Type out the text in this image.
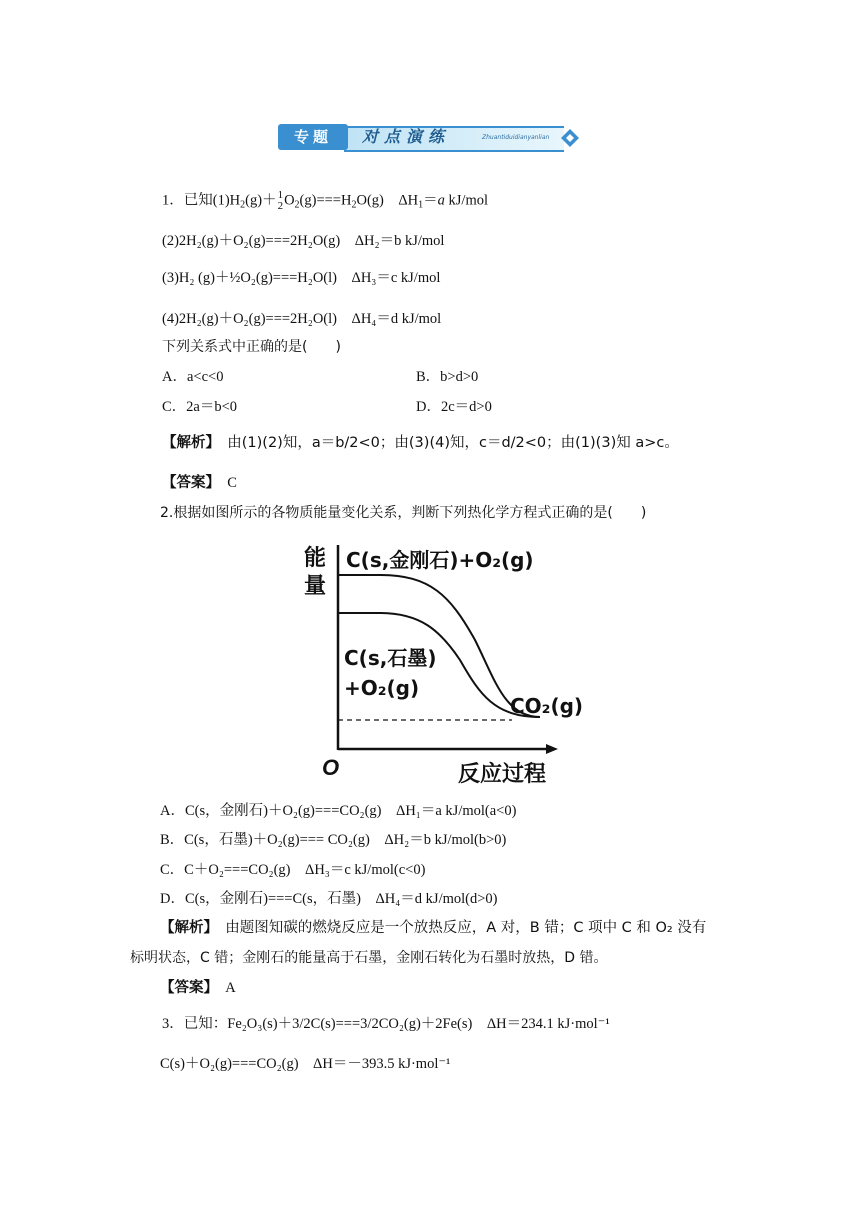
专题	对点演练	Zhuantiduidianyanlian
1．已知$(1)H_2(g)+ 1$
2 $O_2(g)===H_2O(g)$　$\Delta H_1=a$ kJ/mol
(2)2H₂(g)＋O₂(g)===2H₂O(g)　ΔH₂＝b kJ/mol
(3)H₂ (g)＋½O₂(g)===H₂O(l)　ΔH₃＝c kJ/mol
(4)2H₂(g)＋O₂(g)===2H₂O(l)　ΔH₄＝d kJ/mol
下列关系式中正确的是(　　)
A．a<c<0	B．b>d>0
C．2a＝b<0	D．2c＝d>0
【解析】　 由(1)(2)知，a＝b/2<0；由(3)(4)知，c＝d/2<0；由(1)(3)知 a>c。
【答案】　 C
2.根据如图所示的各物质能量变化关系，判断下列热化学方程式正确的是(　　)
能
量
O	反应过程
C(s,金刚石)+O₂(g)
C(s,石墨)
+O₂(g)
CO₂(g)
A．C(s，金刚石)＋O₂(g)===CO₂(g)　ΔH₁＝a kJ/mol(a<0)
B．C(s，石墨)＋O₂(g)=== CO₂(g)　ΔH₂＝b kJ/mol(b>0)
C．C＋O₂===CO₂(g)　ΔH₃＝c kJ/mol(c<0)
D．C(s，金刚石)===C(s，石墨)　ΔH₄＝d kJ/mol(d>0)
【解析】　 由题图知碳的燃烧反应是一个放热反应，A 对，B 错；C 项中 C 和 O₂ 没有
标明状态，C 错；金刚石的能量高于石墨，金刚石转化为石墨时放热，D 错。
【答案】　 A
3．已知：Fe₂O₃(s)＋3/2C(s)===3/2CO₂(g)＋2Fe(s)　ΔH＝234.1 kJ·mol⁻¹
C(s)＋O₂(g)===CO₂(g)　ΔH＝－393.5 kJ·mol⁻¹
